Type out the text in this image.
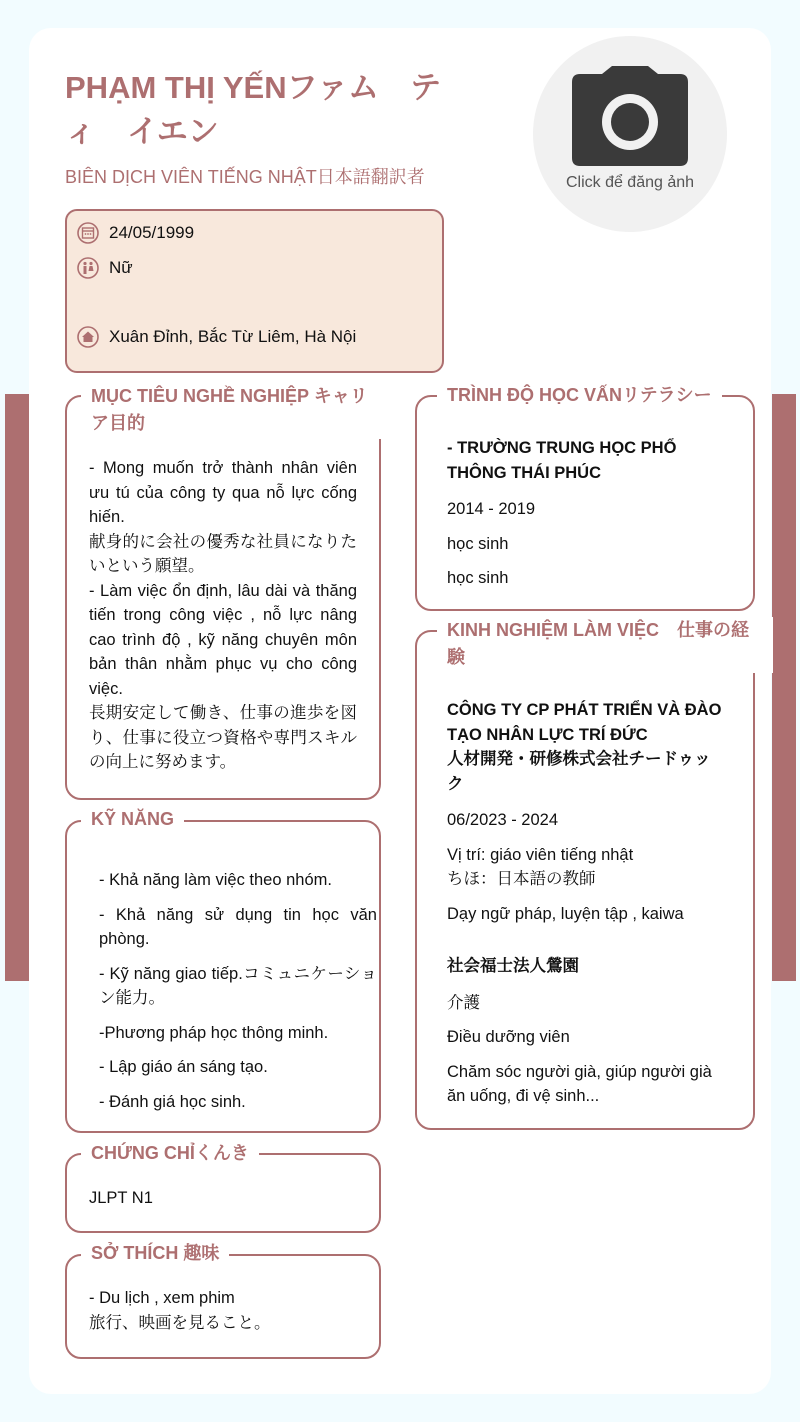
PHẠM THỊ YẾNファム　ティ　イエン
BIÊN DỊCH VIÊN TIẾNG NHẬT日本語翻訳者	Click để đăng ảnh
24/05/1999
Nữ
Xuân Đỉnh, Bắc Từ Liêm, Hà Nội
MỤC TIÊU NGHỀ NGHIỆP キャリア目的

- Mong muốn trở thành nhân viên ưu tú của công ty qua nỗ lực cống hiến.

献身的に会社の優秀な社員になりたいという願望。

- Làm việc ổn định, lâu dài và thăng tiến trong công việc , nỗ lực nâng cao trình độ , kỹ năng chuyên môn bản thân nhằm phục vụ cho công việc.

長期安定して働き、仕事の進歩を図り、仕事に役立つ資格や専門スキルの向上に努めます。

KỸ NĂNG

- Khả năng làm việc theo nhóm.

- Khả năng sử dụng tin học văn phòng.

- Kỹ năng giao tiếp.コミュニケーション能力。

-Phương pháp học thông minh.

- Lập giáo án sáng tạo.

- Đánh giá học sinh.

CHỨNG CHỈくんき
JLPT N1
SỞ THÍCH 趣味

- Du lịch , xem phim

旅行、映画を見ること。

TRÌNH ĐỘ HỌC VẤNリテラシー

- TRƯỜNG TRUNG HỌC PHỔ THÔNG THÁI PHÚC

2014 - 2019

học sinh

học sinh

KINH NGHIỆM LÀM VIỆC　仕事の経験

CÔNG TY CP PHÁT TRIỂN VÀ ĐÀO TẠO NHÂN LỰC TRÍ ĐỨC

人材開発・研修株式会社チードゥック

06/2023 - 2024

Vị trí: giáo viên tiếng nhật

ちほ：日本語の教師

Dạy ngữ pháp, luyện tập , kaiwa

社会福士法人鶯園

介護

Điều dưỡng viên

Chăm sóc người già, giúp người già ăn uống, đi vệ sinh...
